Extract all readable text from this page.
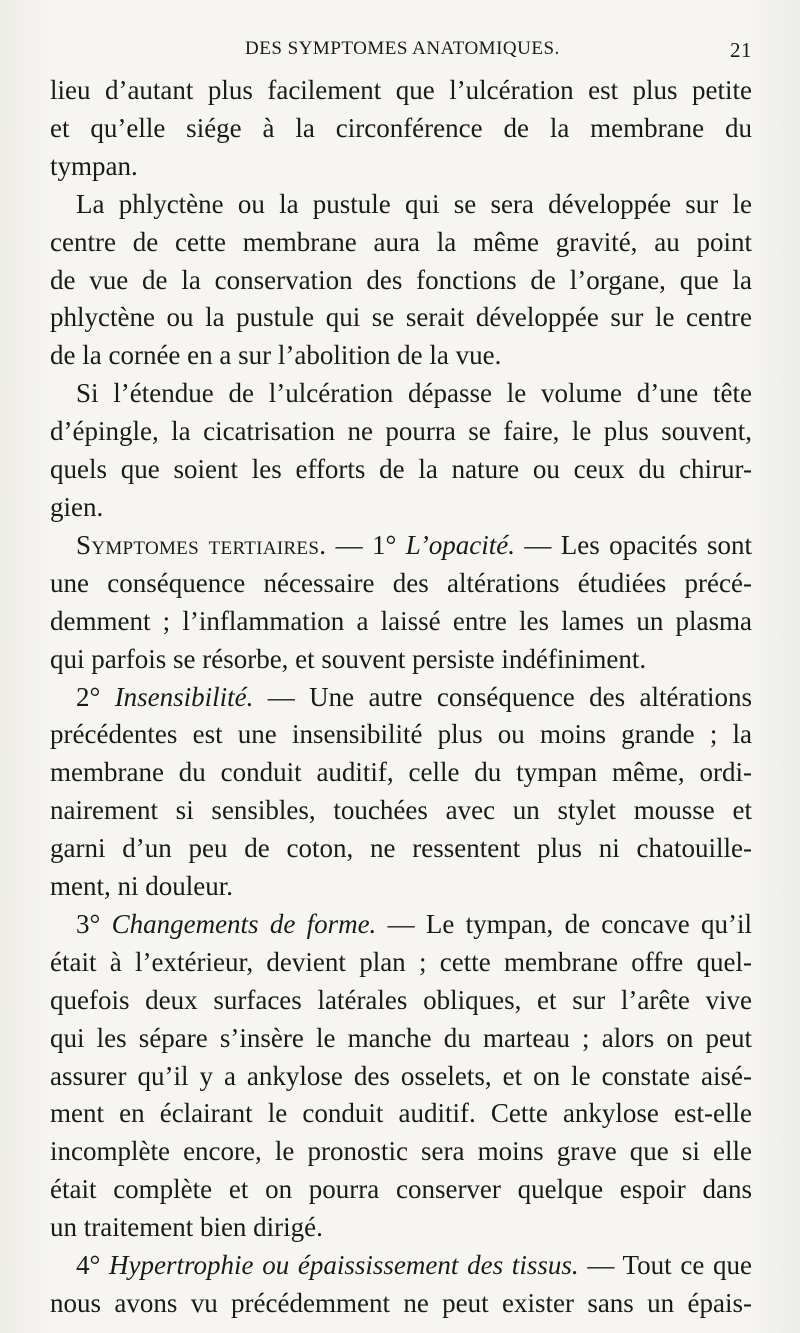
DES SYMPTOMES ANATOMIQUES.	21
lieu d’autant plus facilement que l’ulcération est plus petite
et qu’elle siége à la circonférence de la membrane du
tympan.
La phlyctène ou la pustule qui se sera développée sur le
centre de cette membrane aura la même gravité, au point
de vue de la conservation des fonctions de l’organe, que la
phlyctène ou la pustule qui se serait développée sur le centre
de la cornée en a sur l’abolition de la vue.
Si l’étendue de l’ulcération dépasse le volume d’une tête
d’épingle, la cicatrisation ne pourra se faire, le plus souvent,
quels que soient les efforts de la nature ou ceux du chirur-
gien.
Symptomes tertiaires. — 1° L’opacité. — Les opacités sont
une conséquence nécessaire des altérations étudiées précé-
demment ; l’inflammation a laissé entre les lames un plasma
qui parfois se résorbe, et souvent persiste indéfiniment.
2° Insensibilité. — Une autre conséquence des altérations
précédentes est une insensibilité plus ou moins grande ; la
membrane du conduit auditif, celle du tympan même, ordi-
nairement si sensibles, touchées avec un stylet mousse et
garni d’un peu de coton, ne ressentent plus ni chatouille-
ment, ni douleur.
3° Changements de forme. — Le tympan, de concave qu’il
était à l’extérieur, devient plan ; cette membrane offre quel-
quefois deux surfaces latérales obliques, et sur l’arête vive
qui les sépare s’insère le manche du marteau ; alors on peut
assurer qu’il y a ankylose des osselets, et on le constate aisé-
ment en éclairant le conduit auditif. Cette ankylose est-elle
incomplète encore, le pronostic sera moins grave que si elle
était complète et on pourra conserver quelque espoir dans
un traitement bien dirigé.
4° Hypertrophie ou épaississement des tissus. — Tout ce que
nous avons vu précédemment ne peut exister sans un épais-
